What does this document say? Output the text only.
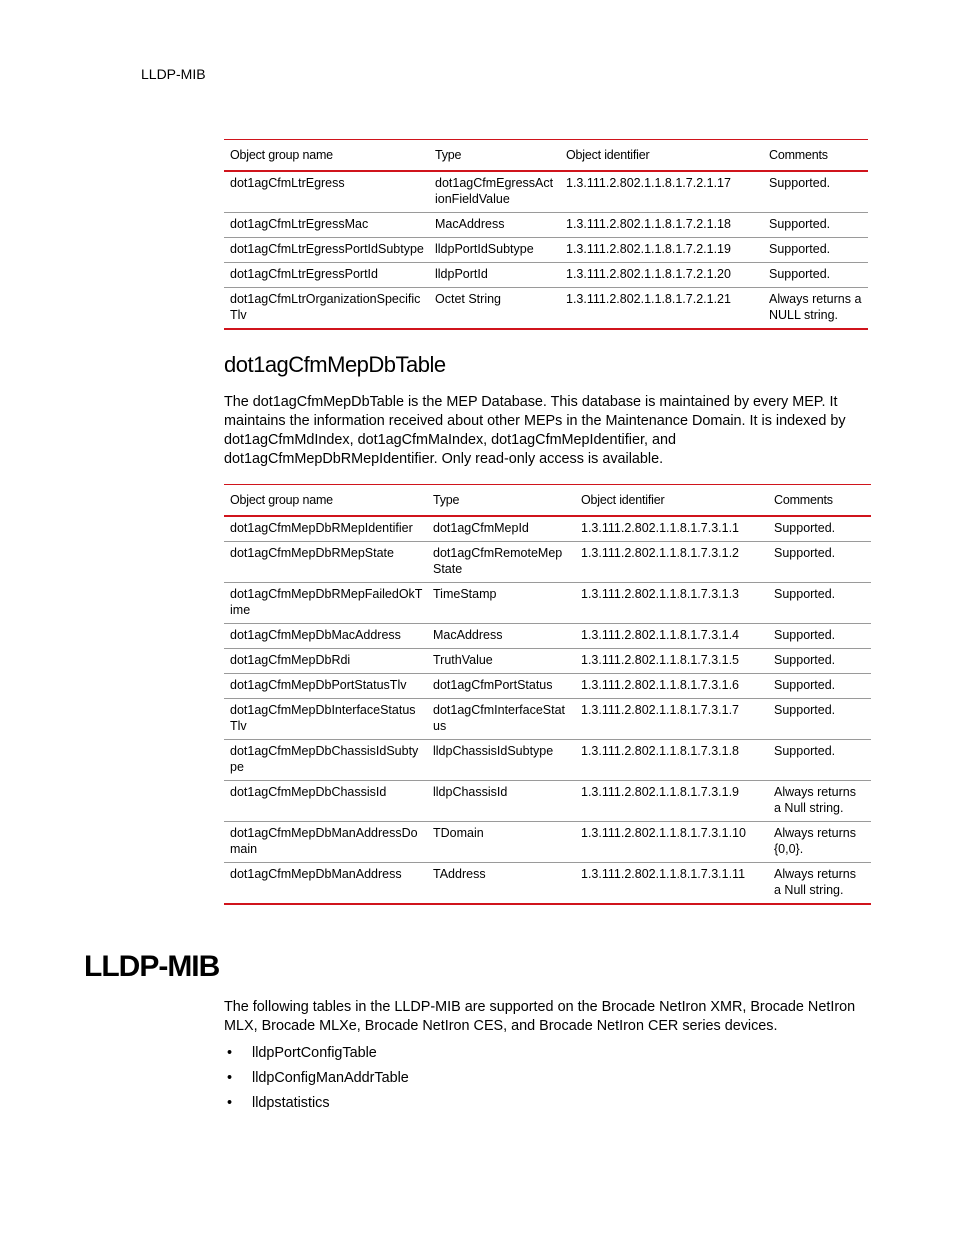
LLDP-MIB
Object group name	Type	Object identifier	Comments
dot1agCfmLtrEgress	dot1agCfmEgressAct ionFieldValue	1.3.111.2.802.1.1.8.1.7.2.1.17	Supported.
dot1agCfmLtrEgressMac	MacAddress	1.3.111.2.802.1.1.8.1.7.2.1.18	Supported.
dot1agCfmLtrEgressPortIdSubtype	lldpPortIdSubtype	1.3.111.2.802.1.1.8.1.7.2.1.19	Supported.
dot1agCfmLtrEgressPortId	lldpPortId	1.3.111.2.802.1.1.8.1.7.2.1.20	Supported.
dot1agCfmLtrOrganizationSpecific Tlv	Octet String	1.3.111.2.802.1.1.8.1.7.2.1.21	Always returns a NULL string.
dot1agCfmMepDbTable
The dot1agCfmMepDbTable is the MEP Database. This database is maintained by every MEP. It maintains the information received about other MEPs in the Maintenance Domain. It is indexed by dot1agCfmMdIndex, dot1agCfmMaIndex, dot1agCfmMepIdentifier, and dot1agCfmMepDbRMepIdentifier. Only read-only access is available.
Object group name	Type	Object identifier	Comments
dot1agCfmMepDbRMepIdentifier	dot1agCfmMepId	1.3.111.2.802.1.1.8.1.7.3.1.1	Supported.
dot1agCfmMepDbRMepState	dot1agCfmRemoteMep State	1.3.111.2.802.1.1.8.1.7.3.1.2	Supported.
dot1agCfmMepDbRMepFailedOkT ime	TimeStamp	1.3.111.2.802.1.1.8.1.7.3.1.3	Supported.
dot1agCfmMepDbMacAddress	MacAddress	1.3.111.2.802.1.1.8.1.7.3.1.4	Supported.
dot1agCfmMepDbRdi	TruthValue	1.3.111.2.802.1.1.8.1.7.3.1.5	Supported.
dot1agCfmMepDbPortStatusTlv	dot1agCfmPortStatus	1.3.111.2.802.1.1.8.1.7.3.1.6	Supported.
dot1agCfmMepDbInterfaceStatus Tlv	dot1agCfmInterfaceStat us	1.3.111.2.802.1.1.8.1.7.3.1.7	Supported.
dot1agCfmMepDbChassisIdSubty pe	lldpChassisIdSubtype	1.3.111.2.802.1.1.8.1.7.3.1.8	Supported.
dot1agCfmMepDbChassisId	lldpChassisId	1.3.111.2.802.1.1.8.1.7.3.1.9	Always returns a Null string.
dot1agCfmMepDbManAddressDo main	TDomain	1.3.111.2.802.1.1.8.1.7.3.1.10	Always returns {0,0}.
dot1agCfmMepDbManAddress	TAddress	1.3.111.2.802.1.1.8.1.7.3.1.11	Always returns a Null string.
LLDP-MIB
The following tables in the LLDP-MIB are supported on the Brocade NetIron XMR, Brocade NetIron MLX, Brocade MLXe, Brocade NetIron CES, and Brocade NetIron CER series devices.
• lldpPortConfigTable
• lldpConfigManAddrTable
• lldpstatistics
